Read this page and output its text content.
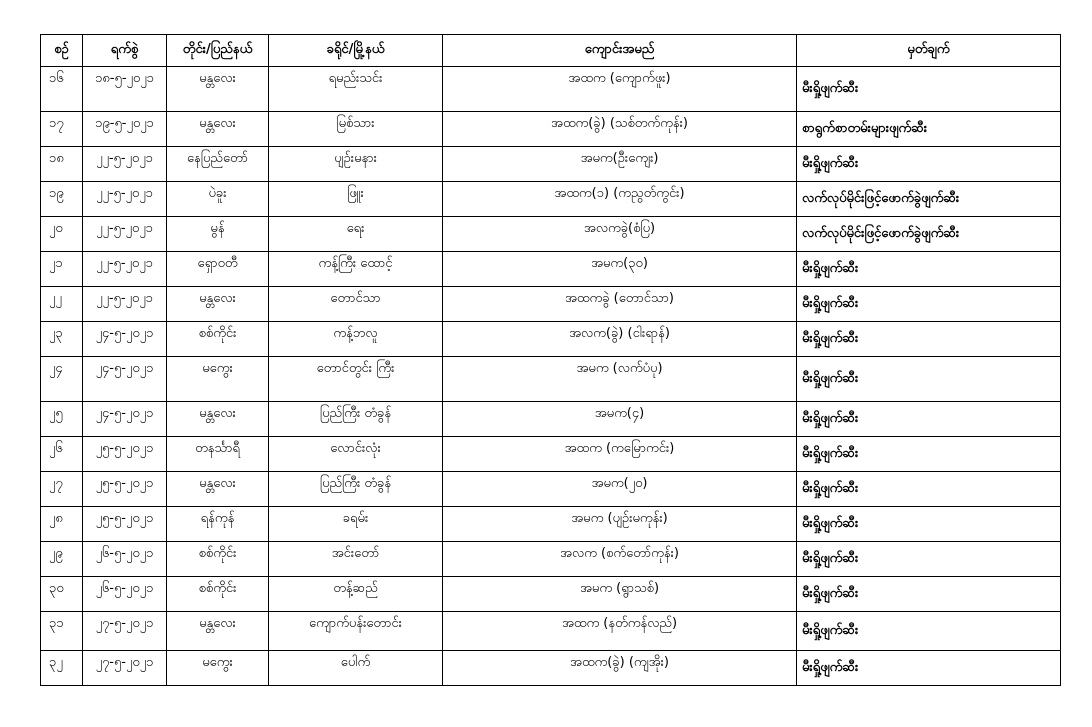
စဉ်	ရက်စွဲ	တိုင်း/ပြည်နယ်	ခရိုင်/မြို့နယ်	ကျောင်းအမည်	မှတ်ချက်
၁၆	၁၈-၅-၂၀၂၁	မန္တလေး	ရမည်းသင်း	အထက (ကျောက်ဖူး)	မီးရှို့ဖျက်ဆီး
၁၇	၁၉-၅-၂၀၂၁	မန္တလေး	မြစ်သား	အထက(ခွဲ) (သစ်တက်ကုန်း)	စာရွက်စာတမ်းများဖျက်ဆီး
၁၈	၂၂-၅-၂၀၂၁	နေပြည်တော်	ပျဉ်းမနား	အမက(ဦးကျေး)	မီးရှို့ဖျက်ဆီး
၁၉	၂၂-၅-၂၀၂၁	ပဲခူး	ဖြူး	အထက(၁) (ကညွတ်ကွင်း)	လက်လုပ်မိုင်းဖြင့်ဖောက်ခွဲဖျက်ဆီး
၂၀	၂၂-၅-၂၀၂၁	မွန်	ရေး	အလကခွဲ(စံပြ)	လက်လုပ်မိုင်းဖြင့်ဖောက်ခွဲဖျက်ဆီး
၂၁	၂၂-၅-၂၀၂၁	ရှောဝတီ	ကန့်ကြီး ထောင့်	အမက(၃၀)	မီးရှို့ဖျက်ဆီး
၂၂	၂၂-၅-၂၀၂၁	မန္တလေး	တောင်သာ	အထကခွဲ (တောင်သာ)	မီးရှို့ဖျက်ဆီး
၂၃	၂၄-၅-၂၀၂၁	စစ်ကိုင်း	ကန့်ဘလူ	အလက(ခွဲ) (ငါးရာန်)	မီးရှို့ဖျက်ဆီး
၂၄	၂၄-၅-၂၀၂၁	မကွေး	တောင်တွင်း ကြီး	အမက (လက်ပံပု)	မီးရှို့ဖျက်ဆီး
၂၅	၂၄-၅-၂၀၂၁	မန္တလေး	ပြည်ကြီး တံခွန်	အမက(၄)	မီးရှို့ဖျက်ဆီး
၂၆	၂၅-၅-၂၀၂၁	တနင်္သာရီ	လောင်းလုံး	အထက (ကမြောကင်း)	မီးရှို့ဖျက်ဆီး
၂၇	၂၅-၅-၂၀၂၁	မန္တလေး	ပြည်ကြီး တံခွန်	အမက(၂၀)	မီးရှို့ဖျက်ဆီး
၂၈	၂၅-၅-၂၀၂၁	ရန်ကုန်	ခရမ်း	အမက (ပျဉ်းမကုန်း)	မီးရှို့ဖျက်ဆီး
၂၉	၂၆-၅-၂၀၂၁	စစ်ကိုင်း	အင်းတော်	အလက (စက်တော်ကုန်း)	မီးရှို့ဖျက်ဆီး
၃၀	၂၆-၅-၂၀၂၁	စစ်ကိုင်း	တန့်ဆည်	အမက (ရွာသစ်)	မီးရှို့ဖျက်ဆီး
၃၁	၂၇-၅-၂၀၂၁	မန္တလေး	ကျောက်ပန်းတောင်း	အထက (နတ်ကန်လည်)	မီးရှို့ဖျက်ဆီး
၃၂	၂၇-၅-၂၀၂၁	မကွေး	ပေါက်	အထက(ခွဲ) (ကျအိုး)	မီးရှို့ဖျက်ဆီး
